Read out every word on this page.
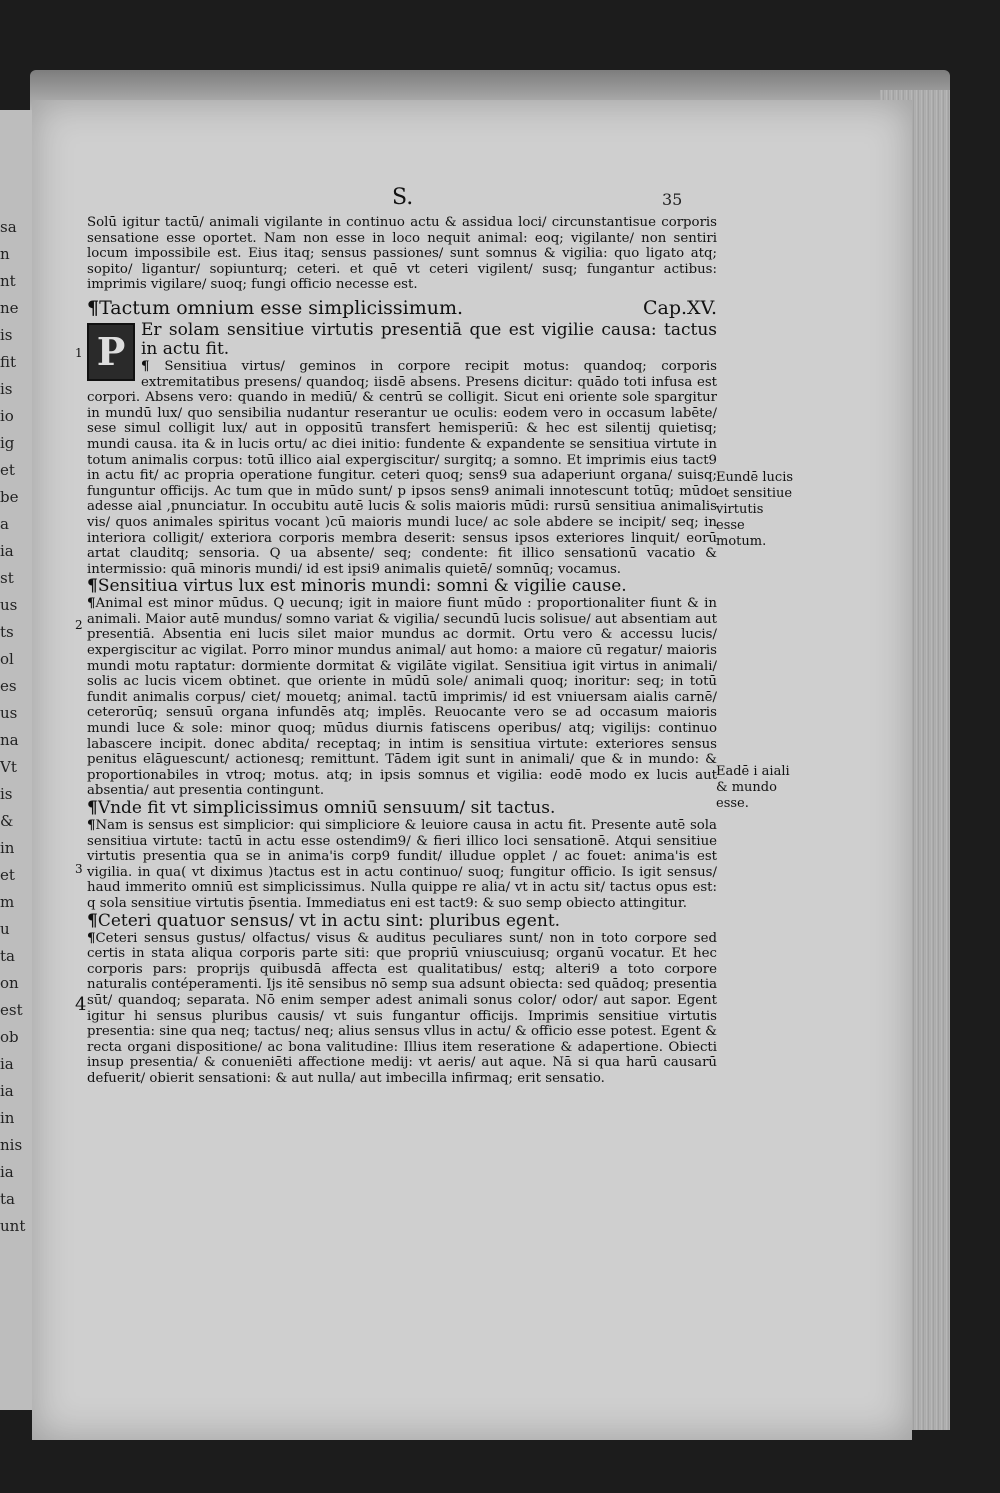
sa
n
nt
ne
is
fit
is
io
ig
et
be
a
ia
st
us
ts
ol
es
us
na
Vt
is
&
in
et
m
u
ta
on
est
ob
ia
ia
in
nis
ia
ta
unt
S.	35

Solū igitur tactū/ animali vigilante in continuo actu & assidua loci/ circunstantisue corporis sensatione esse oportet. Nam non esse in loco nequit animal: eoq; vigilante/ non sentiri locum impossibile est. Eius itaq; sensus passiones/ sunt somnus & vigilia: quo ligato atq; sopito/ ligantur/ sopiunturq; ceteri. et quē vt ceteri vigilent/ susq; fungantur actibus: imprimis vigilare/ suoq; fungi officio necesse est.

¶Tactum omnium esse simplicissimum.	Cap.XV.
P Er solam sensitiue virtutis presentiā que est vigilie causa: tactus in actu fit.

¶ Sensitiua virtus/ geminos in corpore recipit motus: quandoq; corporis extremitatibus presens/ quandoq; iisdē absens. Presens dicitur: quādo toti infusa est corpori. Absens vero: quando in mediū/ & centrū se colligit. Sicut eni oriente sole spargitur in mundū lux/ quo sensibilia nudantur reserantur ue oculis: eodem vero in occasum labēte/ sese simul colligit lux/ aut in oppositū transfert hemisperiū: & hec est silentij quietisq; mundi causa. ita & in lucis ortu/ ac diei initio: fundente & expandente se sensitiua virtute in totum animalis corpus: totū illico aial expergiscitur/ surgitq; a somno. Et imprimis eius tact9 in actu fit/ ac propria operatione fungitur. ceteri quoq; sens9 sua adaperiunt organa/ suisq; funguntur officijs. Ac tum que in mūdo sunt/ p ipsos sens9 animali innotescunt totūq; mūdo adesse aial ,pnunciatur. In occubitu autē lucis & solis maioris mūdi: rursū sensitiua animalis vis/ quos animales spiritus vocant )cū maioris mundi luce/ ac sole abdere se incipit/ seq; in interiora colligit/ exteriora corporis membra deserit: sensus ipsos exteriores linquit/ eorū artat clauditq; sensoria. Q ua absente/ seq; condente: fit illico sensationū vacatio & intermissio: quā minoris mundi/ id est ipsi9 animalis quietē/ somnūq; vocamus.

¶Sensitiua virtus lux est minoris mundi: somni & vigilie cause.

¶Animal est minor mūdus. Q uecunq; igit in maiore fiunt mūdo : proportionaliter fiunt & in animali. Maior autē mundus/ somno variat & vigilia/ secundū lucis solisue/ aut absentiam aut presentiā. Absentia eni lucis silet maior mundus ac dormit. Ortu vero & accessu lucis/ expergiscitur ac vigilat. Porro minor mundus animal/ aut homo: a maiore cū regatur/ maioris mundi motu raptatur: dormiente dormitat & vigilāte vigilat. Sensitiua igit virtus in animali/ solis ac lucis vicem obtinet. que oriente in mūdū sole/ animali quoq; inoritur: seq; in totū fundit animalis corpus/ ciet/ mouetq; animal. tactū imprimis/ id est vniuersam aialis carnē/ ceterorūq; sensuū organa infundēs atq; implēs. Reuocante vero se ad occasum maioris mundi luce & sole: minor quoq; mūdus diurnis fatiscens operibus/ atq; vigilijs: continuo labascere incipit. donec abdita/ receptaq; in intim is sensitiua virtute: exteriores sensus penitus elāguescunt/ actionesq; remittunt. Tādem igit sunt in animali/ que & in mundo: & proportionabiles in vtroq; motus. atq; in ipsis somnus et vigilia: eodē modo ex lucis aut absentia/ aut presentia contingunt.

¶Vnde fit vt simplicissimus omniū sensuum/ sit tactus.

¶Nam is sensus est simplicior: qui simpliciore & leuiore causa in actu fit. Presente autē sola sensitiua virtute: tactū in actu esse ostendim9/ & fieri illico loci sensationē. Atqui sensitiue virtutis presentia qua se in anima'is corp9 fundit/ illudue opplet / ac fouet: anima'is est vigilia. in qua( vt diximus )tactus est in actu continuo/ suoq; fungitur officio. Is igit sensus/ haud immerito omniū est simplicissimus. Nulla quippe re alia/ vt in actu sit/ tactus opus est: q sola sensitiue virtutis p̄sentia. Immediatus eni est tact9: & suo semp obiecto attingitur.

¶Ceteri quatuor sensus/ vt in actu sint: pluribus egent.

¶Ceteri sensus gustus/ olfactus/ visus & auditus peculiares sunt/ non in toto corpore sed certis in stata aliqua corporis parte siti: que propriū vniuscuiusq; organū vocatur. Et hec corporis pars: proprijs quibusdā affecta est qualitatibus/ estq; alteri9 a toto corpore naturalis contéperamenti. Ijs itē sensibus nō semp sua adsunt obiecta: sed quādoq; presentia sūt/ quandoq; separata. Nō enim semper adest animali sonus color/ odor/ aut sapor. Egent igitur hi sensus pluribus causis/ vt suis fungantur officijs. Imprimis sensitiue virtutis presentia: sine qua neq; tactus/ neq; alius sensus vllus in actu/ & officio esse potest. Egent & recta organi dispositione/ ac bona valitudine: Illius item reseratione & adapertione. Obiecti insup presentia/ & conueniēti affectione medij: vt aeris/ aut aque. Nā si qua harū causarū defuerit/ obierit sensationi: & aut nulla/ aut imbecilla infirmaq; erit sensatio.

1
2
3
4
Eundē lucis et sensitiue virtutis esse motum.
Eadē i aiali & mundo esse.
